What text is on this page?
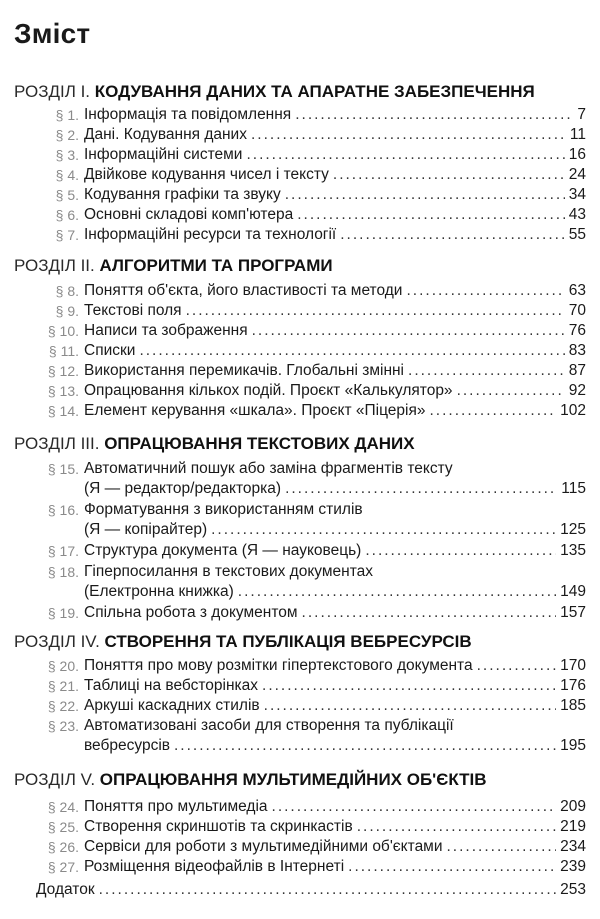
Зміст
РОЗДІЛ I. КОДУВАННЯ ДАНИХ ТА АПАРАТНЕ ЗАБЕЗПЕЧЕННЯ
§ 1. Інформація та повідомлення .....	7
§ 2. Дані. Кодування даних .....	11
§ 3. Інформаційні системи .....	16
§ 4. Двійкове кодування чисел і тексту .....	24
§ 5. Кодування графіки та звуку .....	34
§ 6. Основні складові комп'ютера .....	43
§ 7. Інформаційні ресурси та технології .....	55
РОЗДІЛ II. АЛГОРИТМИ ТА ПРОГРАМИ
§ 8. Поняття об'єкта, його властивості та методи .....	63
§ 9. Текстові поля .....	70
§ 10. Написи та зображення .....	76
§ 11. Списки .....	83
§ 12. Використання перемикачів. Глобальні змінні .....	87
§ 13. Опрацювання кількох подій. Проєкт «Калькулятор» .....	92
§ 14. Елемент керування «шкала». Проєкт «Піцерія» .....	102
РОЗДІЛ III. ОПРАЦЮВАННЯ ТЕКСТОВИХ ДАНИХ
§ 15. Автоматичний пошук або заміна фрагментів тексту
(Я — редактор/редакторка) .....	115
§ 16. Форматування з використанням стилів
(Я — копірайтер) .....	125
§ 17. Структура документа (Я — науковець) .....	135
§ 18. Гіперпосилання в текстових документах
(Електронна книжка) .....	149
§ 19. Спільна робота з документом .....	157
РОЗДІЛ IV. СТВОРЕННЯ ТА ПУБЛІКАЦІЯ ВЕБРЕСУРСІВ
§ 20. Поняття про мову розмітки гіпертекстового документа .....	170
§ 21. Таблиці на вебсторінках .....	176
§ 22. Аркуші каскадних стилів .....	185
§ 23. Автоматизовані засоби для створення та публікації
вебресурсів .....	195
РОЗДІЛ V. ОПРАЦЮВАННЯ МУЛЬТИМЕДІЙНИХ ОБ'ЄКТІВ
§ 24. Поняття про мультимедіа .....	209
§ 25. Створення скриншотів та скринкастів .....	219
§ 26. Сервіси для роботи з мультимедійними об'єктами .....	234
§ 27. Розміщення відеофайлів в Інтернеті .....	239
Додаток .....	253
